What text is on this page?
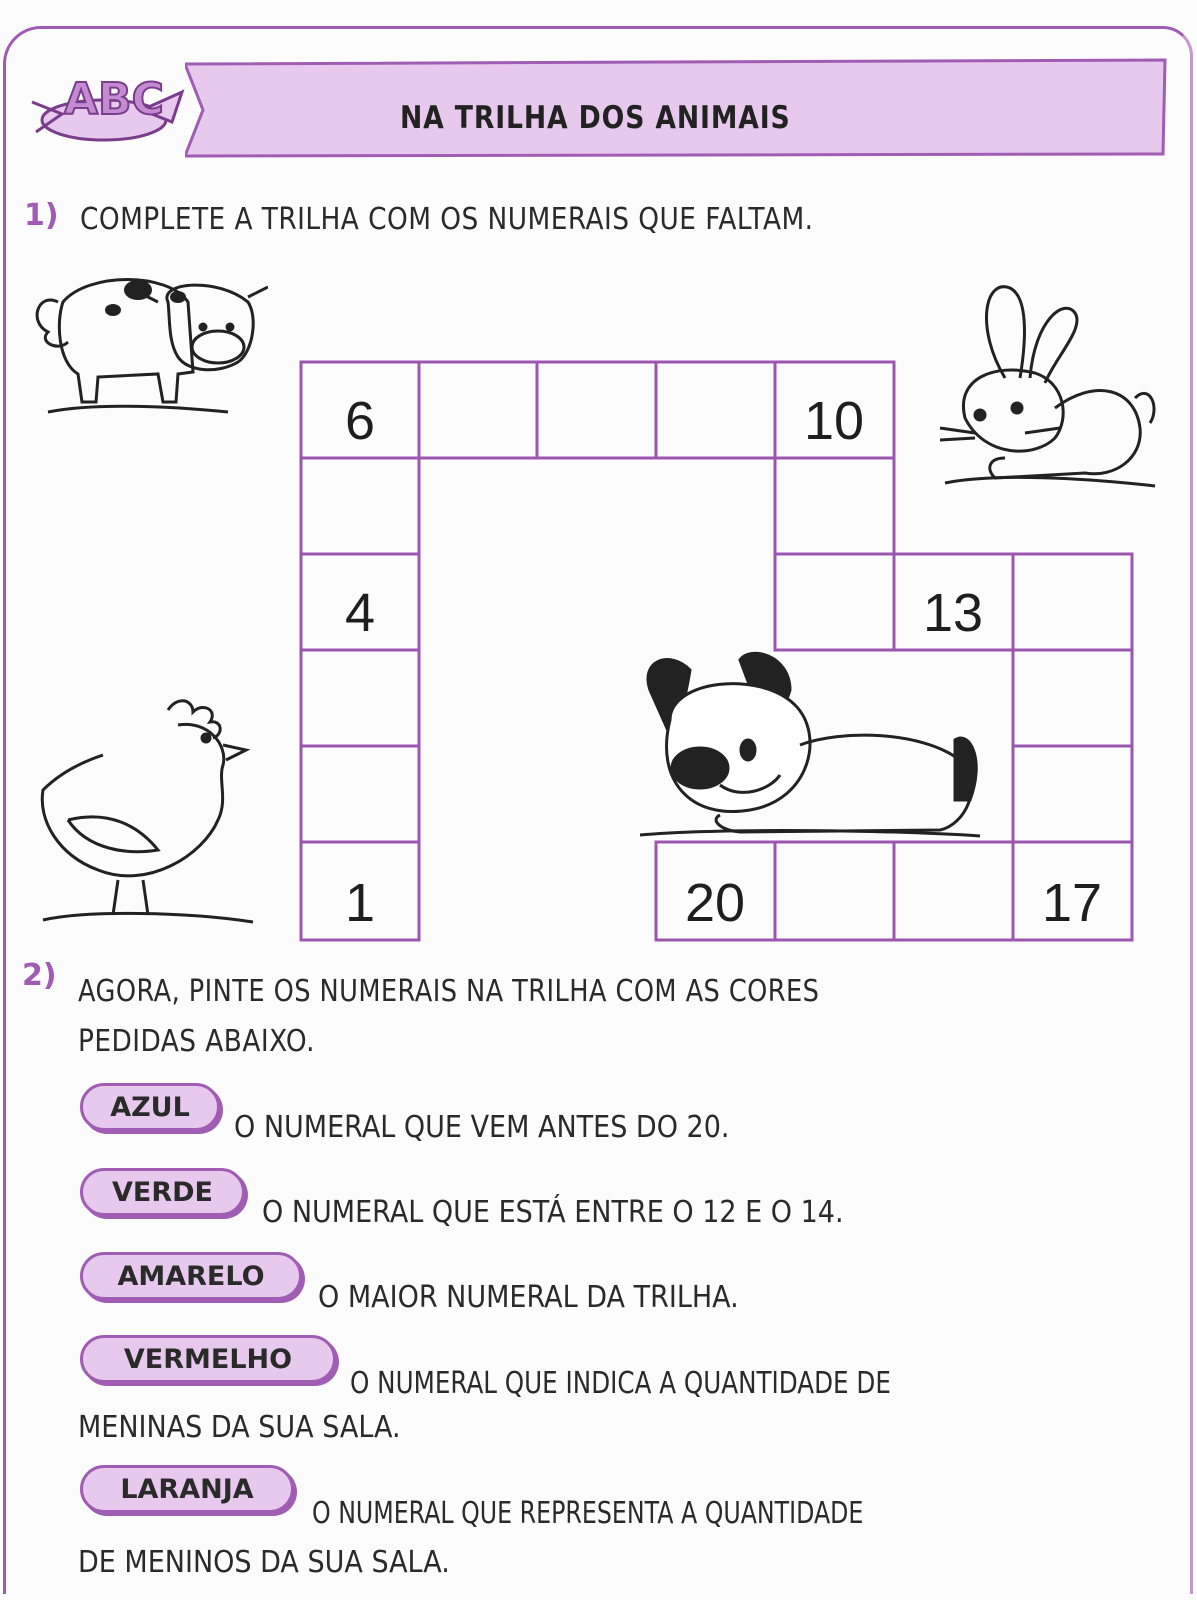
ABC	NA TRILHA DOS ANIMAIS
1) COMPLETE A TRILHA COM OS NUMERAIS QUE FALTAM.
6	10
4	13
1	20	17
2) AGORA, PINTE OS NUMERAIS NA TRILHA COM AS CORES
PEDIDAS ABAIXO.
AZUL
O NUMERAL QUE VEM ANTES DO 20.
VERDE
O NUMERAL QUE ESTÁ ENTRE O 12 E O 14.
AMARELO
O MAIOR NUMERAL DA TRILHA.
VERMELHO
O NUMERAL QUE INDICA A QUANTIDADE DE
MENINAS DA SUA SALA.
LARANJA
O NUMERAL QUE REPRESENTA A QUANTIDADE
DE MENINOS DA SUA SALA.
